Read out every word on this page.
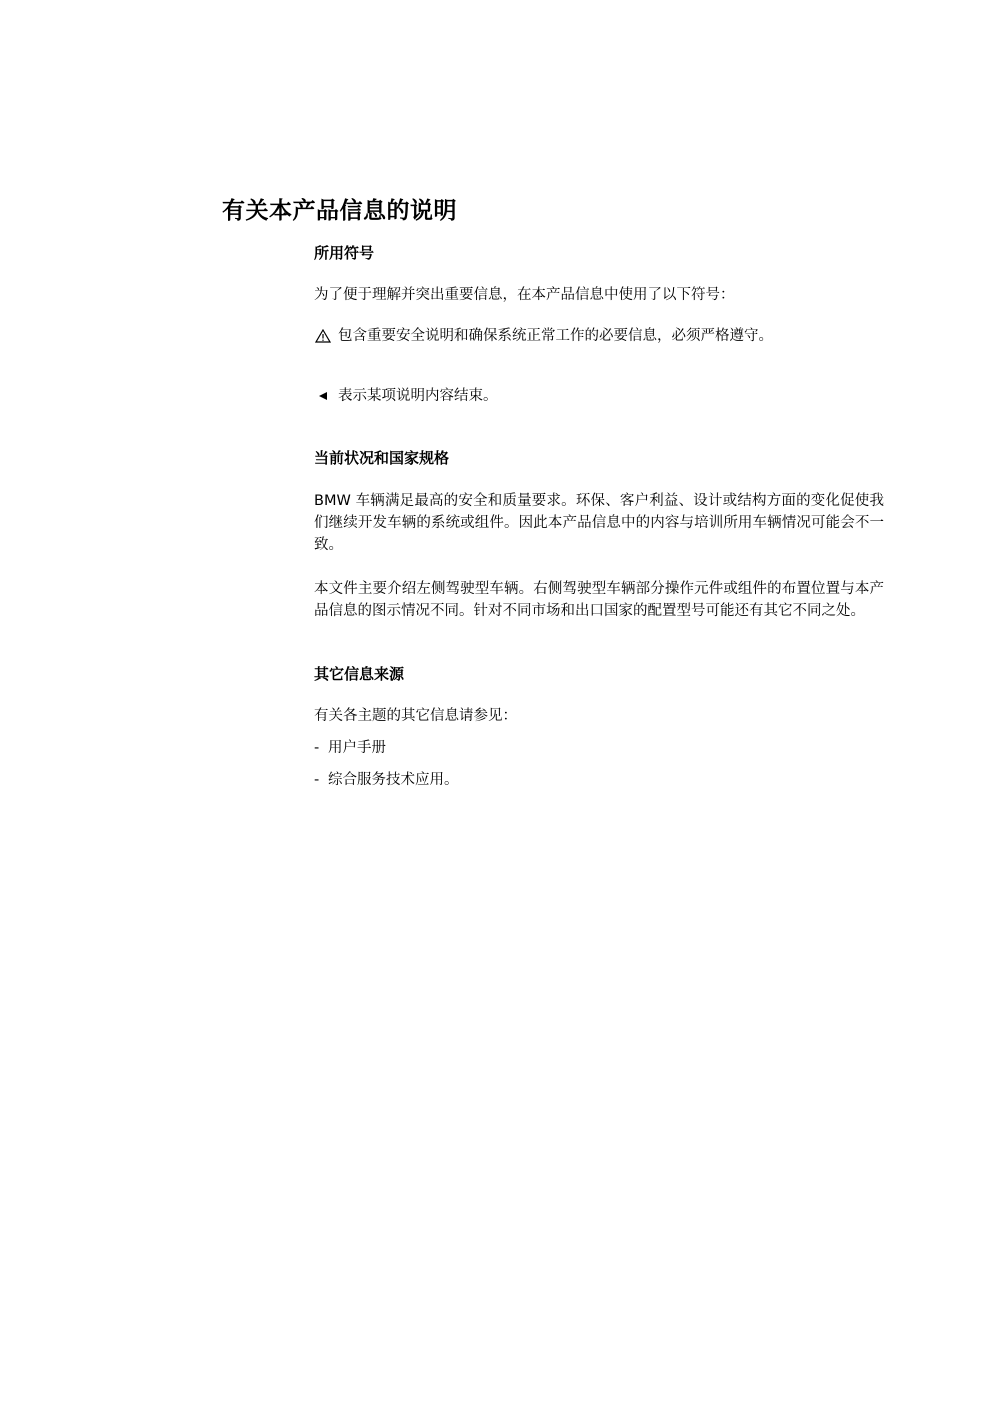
有关本产品信息的说明
所用符号
为了便于理解并突出重要信息，在本产品信息中使用了以下符号：
包含重要安全说明和确保系统正常工作的必要信息，必须严格遵守。
表示某项说明内容结束。
当前状况和国家规格
BMW 车辆满足最高的安全和质量要求。环保、客户利益、设计或结构方面的变化促使我们继续开发车辆的系统或组件。因此本产品信息中的内容与培训所用车辆情况可能会不一致。
本文件主要介绍左侧驾驶型车辆。右侧驾驶型车辆部分操作元件或组件的布置位置与本产品信息的图示情况不同。针对不同市场和出口国家的配置型号可能还有其它不同之处。
其它信息来源
有关各主题的其它信息请参见：
- 用户手册
- 综合服务技术应用。
